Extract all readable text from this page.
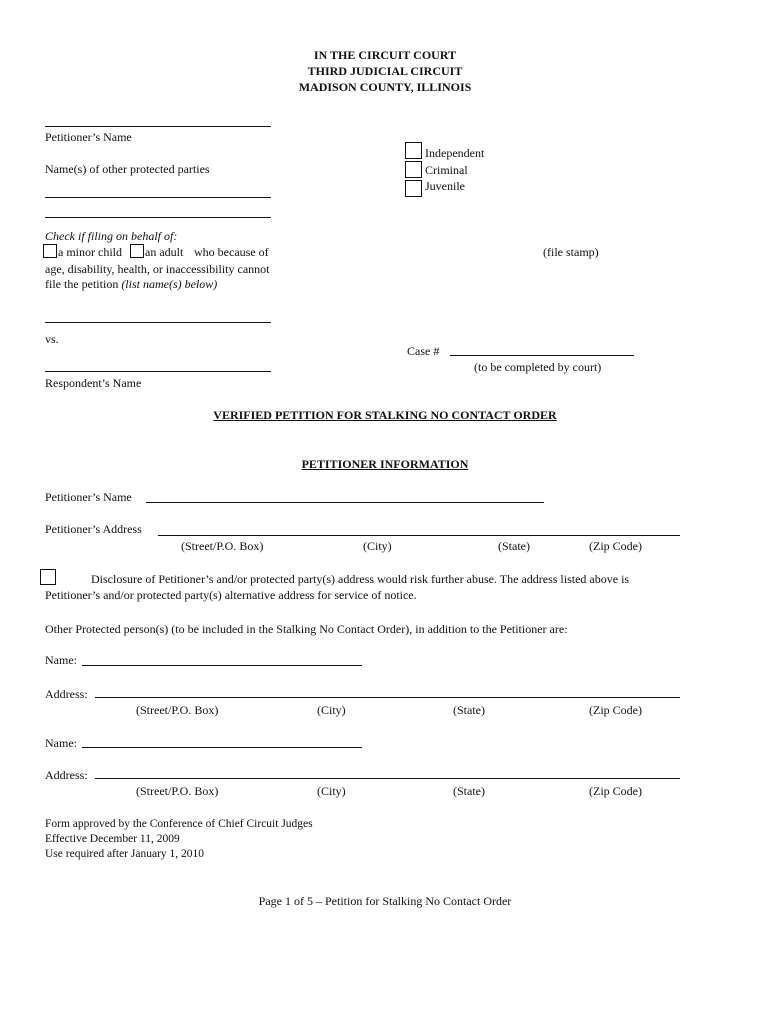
IN THE CIRCUIT COURT
THIRD JUDICIAL CIRCUIT
MADISON COUNTY, ILLINOIS
Petitioner’s Name
Name(s) of other protected parties
Independent
Criminal
Juvenile
Check if filing on behalf of:
a minor child an adult who because of
age, disability, health, or inaccessibility cannot
file the petition (list name(s) below)
(file stamp)
vs.
Case #
(to be completed by court)
Respondent’s Name
VERIFIED PETITION FOR STALKING NO CONTACT ORDER
PETITIONER INFORMATION
Petitioner’s Name
Petitioner’s Address
(Street/P.O. Box)	(City)	(State)	(Zip Code)
Disclosure of Petitioner’s and/or protected party(s) address would risk further abuse. The address listed above is
Petitioner’s and/or protected party(s) alternative address for service of notice.
Other Protected person(s) (to be included in the Stalking No Contact Order), in addition to the Petitioner are:
Name:
Address:
(Street/P.O. Box)	(City)	(State)	(Zip Code)
Name:
Address:
(Street/P.O. Box)	(City)	(State)	(Zip Code)
Form approved by the Conference of Chief Circuit Judges
Effective December 11, 2009
Use required after January 1, 2010
Page 1 of 5 – Petition for Stalking No Contact Order
